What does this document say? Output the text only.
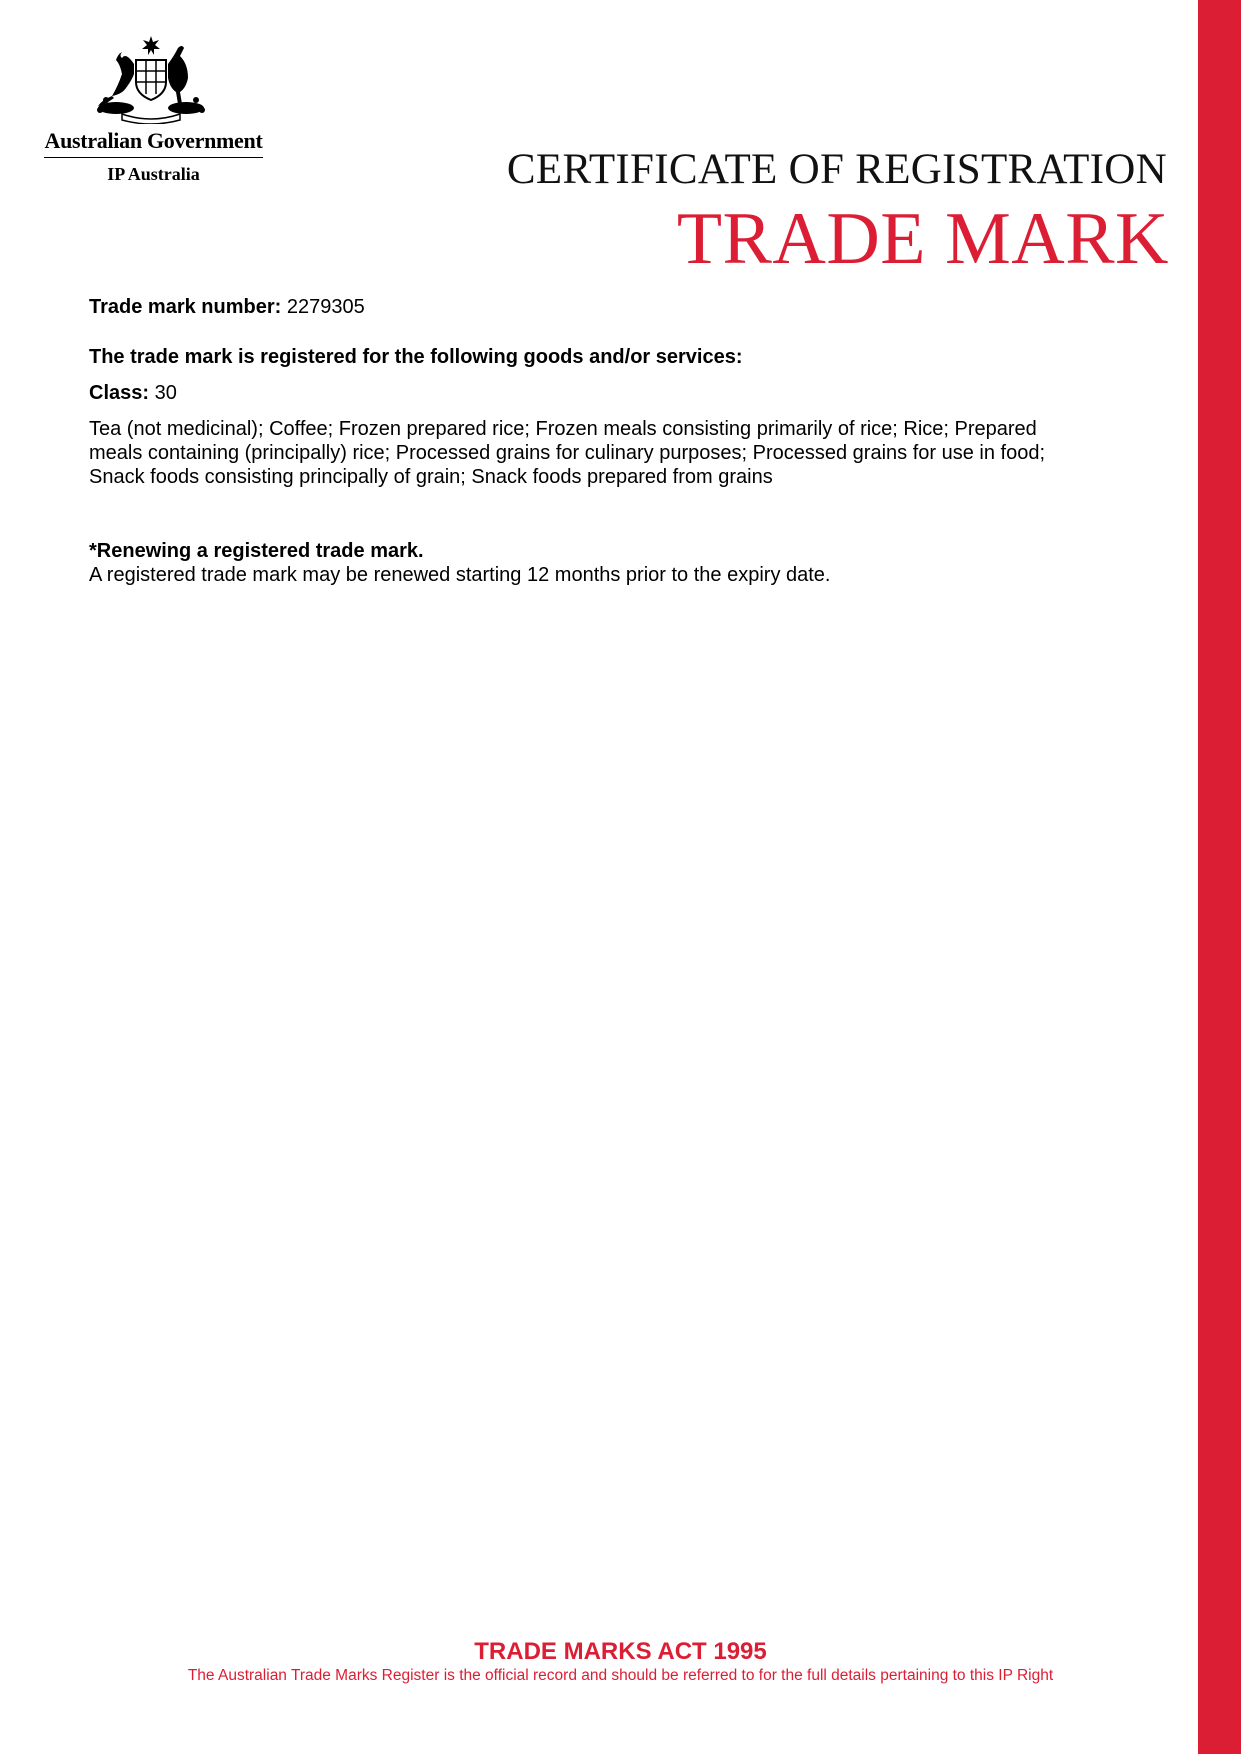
Australian Government
IP Australia	CERTIFICATE OF REGISTRATION
TRADE MARK

Trade mark number: 2279305

The trade mark is registered for the following goods and/or services:

Class: 30

Tea (not medicinal); Coffee; Frozen prepared rice; Frozen meals consisting primarily of rice; Rice; Prepared meals containing (principally) rice; Processed grains for culinary purposes; Processed grains for use in food; Snack foods consisting principally of grain; Snack foods prepared from grains

*Renewing a registered trade mark.

A registered trade mark may be renewed starting 12 months prior to the expiry date.

TRADE MARKS ACT 1995
The Australian Trade Marks Register is the official record and should be referred to for the full details pertaining to this IP Right
